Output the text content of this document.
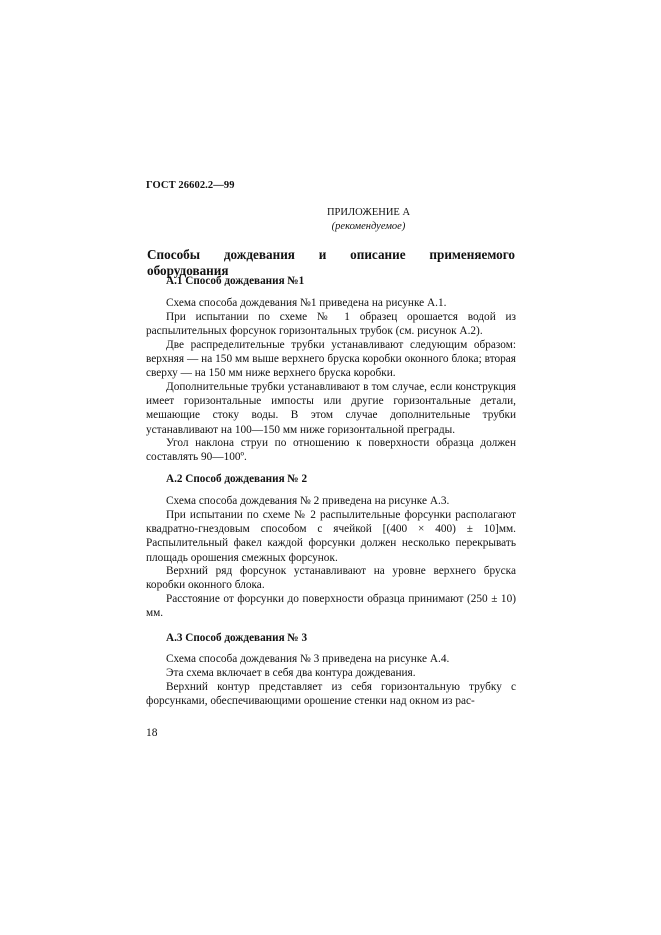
ГОСТ 26602.2—99
ПРИЛОЖЕНИЕ А
(рекомендуемое)
Способы дождевания и описание применяемого оборудования
А.1 Способ дождевания №1
Схема способа дождевания №1 приведена на рисунке А.1.
При испытании по схеме № 1 образец орошается водой из распылительных форсунок горизонтальных трубок (см. рисунок А.2).
Две распределительные трубки устанавливают следующим образом: верхняя — на 150 мм выше верхнего бруска коробки оконного блока; вторая сверху — на 150 мм ниже верхнего бруска коробки.
Дополнительные трубки устанавливают в том случае, если конструкция имеет горизонтальные импосты или другие горизонтальные детали, мешающие стоку воды. В этом случае дополнительные трубки устанавливают на 100—150 мм ниже горизонтальной преграды.
Угол наклона струи по отношению к поверхности образца должен составлять 90—100º.
А.2 Способ дождевания № 2
Схема способа дождевания № 2 приведена на рисунке А.3.
При испытании по схеме № 2 распылительные форсунки располагают квадратно-гнездовым способом с ячейкой [(400 × 400) ± 10]мм. Распылительный факел каждой форсунки должен несколько перекрывать площадь орошения смежных форсунок.
Верхний ряд форсунок устанавливают на уровне верхнего бруска коробки оконного блока.
Расстояние от форсунки до поверхности образца принимают (250 ± 10) мм.
А.3 Способ дождевания № 3
Схема способа дождевания № 3 приведена на рисунке А.4.
Эта схема включает в себя два контура дождевания.
Верхний контур представляет из себя горизонтальную трубку с форсунками, обеспечивающими орошение стенки над окном из рас-
18
